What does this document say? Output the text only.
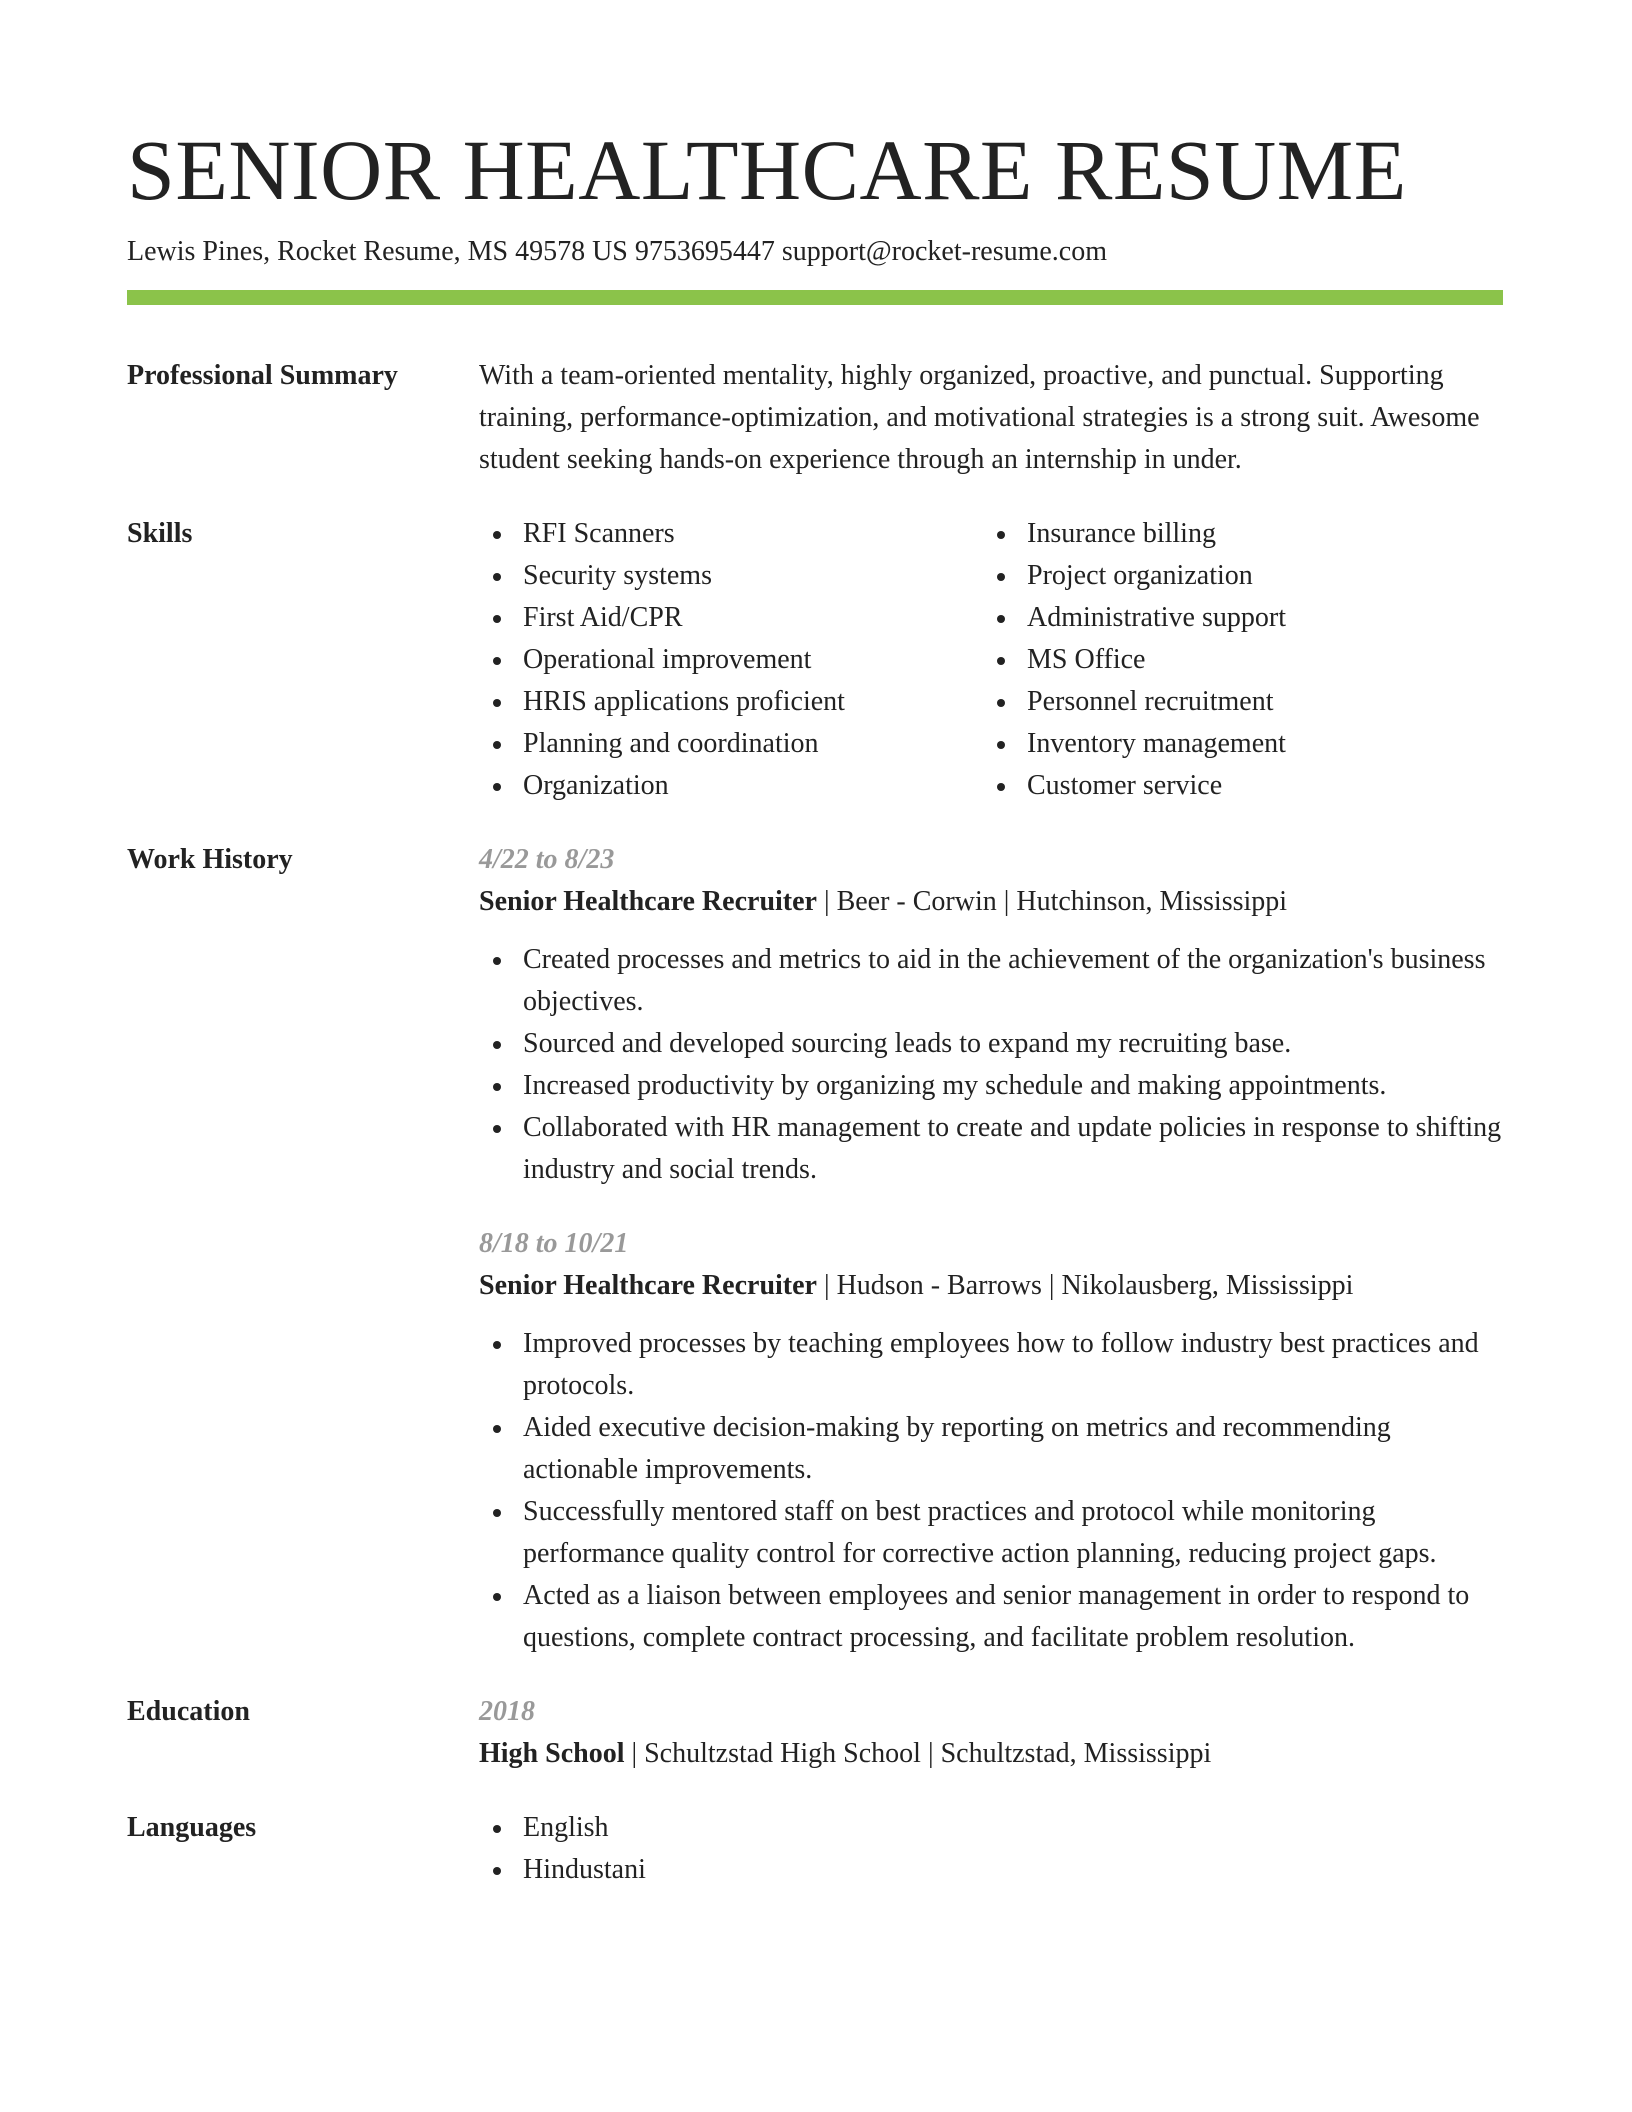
SENIOR HEALTHCARE RESUME
Lewis Pines, Rocket Resume, MS 49578 US 9753695447 support@rocket-resume.com
Professional Summary	With a team-oriented mentality, highly organized, proactive, and punctual. Supporting training, performance-optimization, and motivational strategies is a strong suit. Awesome student seeking hands-on experience through an internship in under.
Skills	RFI Scanners
Security systems
First Aid/CPR
Operational improvement
HRIS applications proficient
Planning and coordination
Organization
Insurance billing
Project organization
Administrative support
MS Office
Personnel recruitment
Inventory management
Customer service
Work History	4/22 to 8/23
Senior Healthcare Recruiter | Beer - Corwin | Hutchinson, Mississippi
Created processes and metrics to aid in the achievement of the organization's business objectives.
Sourced and developed sourcing leads to expand my recruiting base.
Increased productivity by organizing my schedule and making appointments.
Collaborated with HR management to create and update policies in response to shifting industry and social trends.
8/18 to 10/21
Senior Healthcare Recruiter | Hudson - Barrows | Nikolausberg, Mississippi
Improved processes by teaching employees how to follow industry best practices and protocols.
Aided executive decision-making by reporting on metrics and recommending actionable improvements.
Successfully mentored staff on best practices and protocol while monitoring performance quality control for corrective action planning, reducing project gaps.
Acted as a liaison between employees and senior management in order to respond to questions, complete contract processing, and facilitate problem resolution.
Education	2018
High School | Schultzstad High School | Schultzstad, Mississippi
Languages	English
Hindustani
